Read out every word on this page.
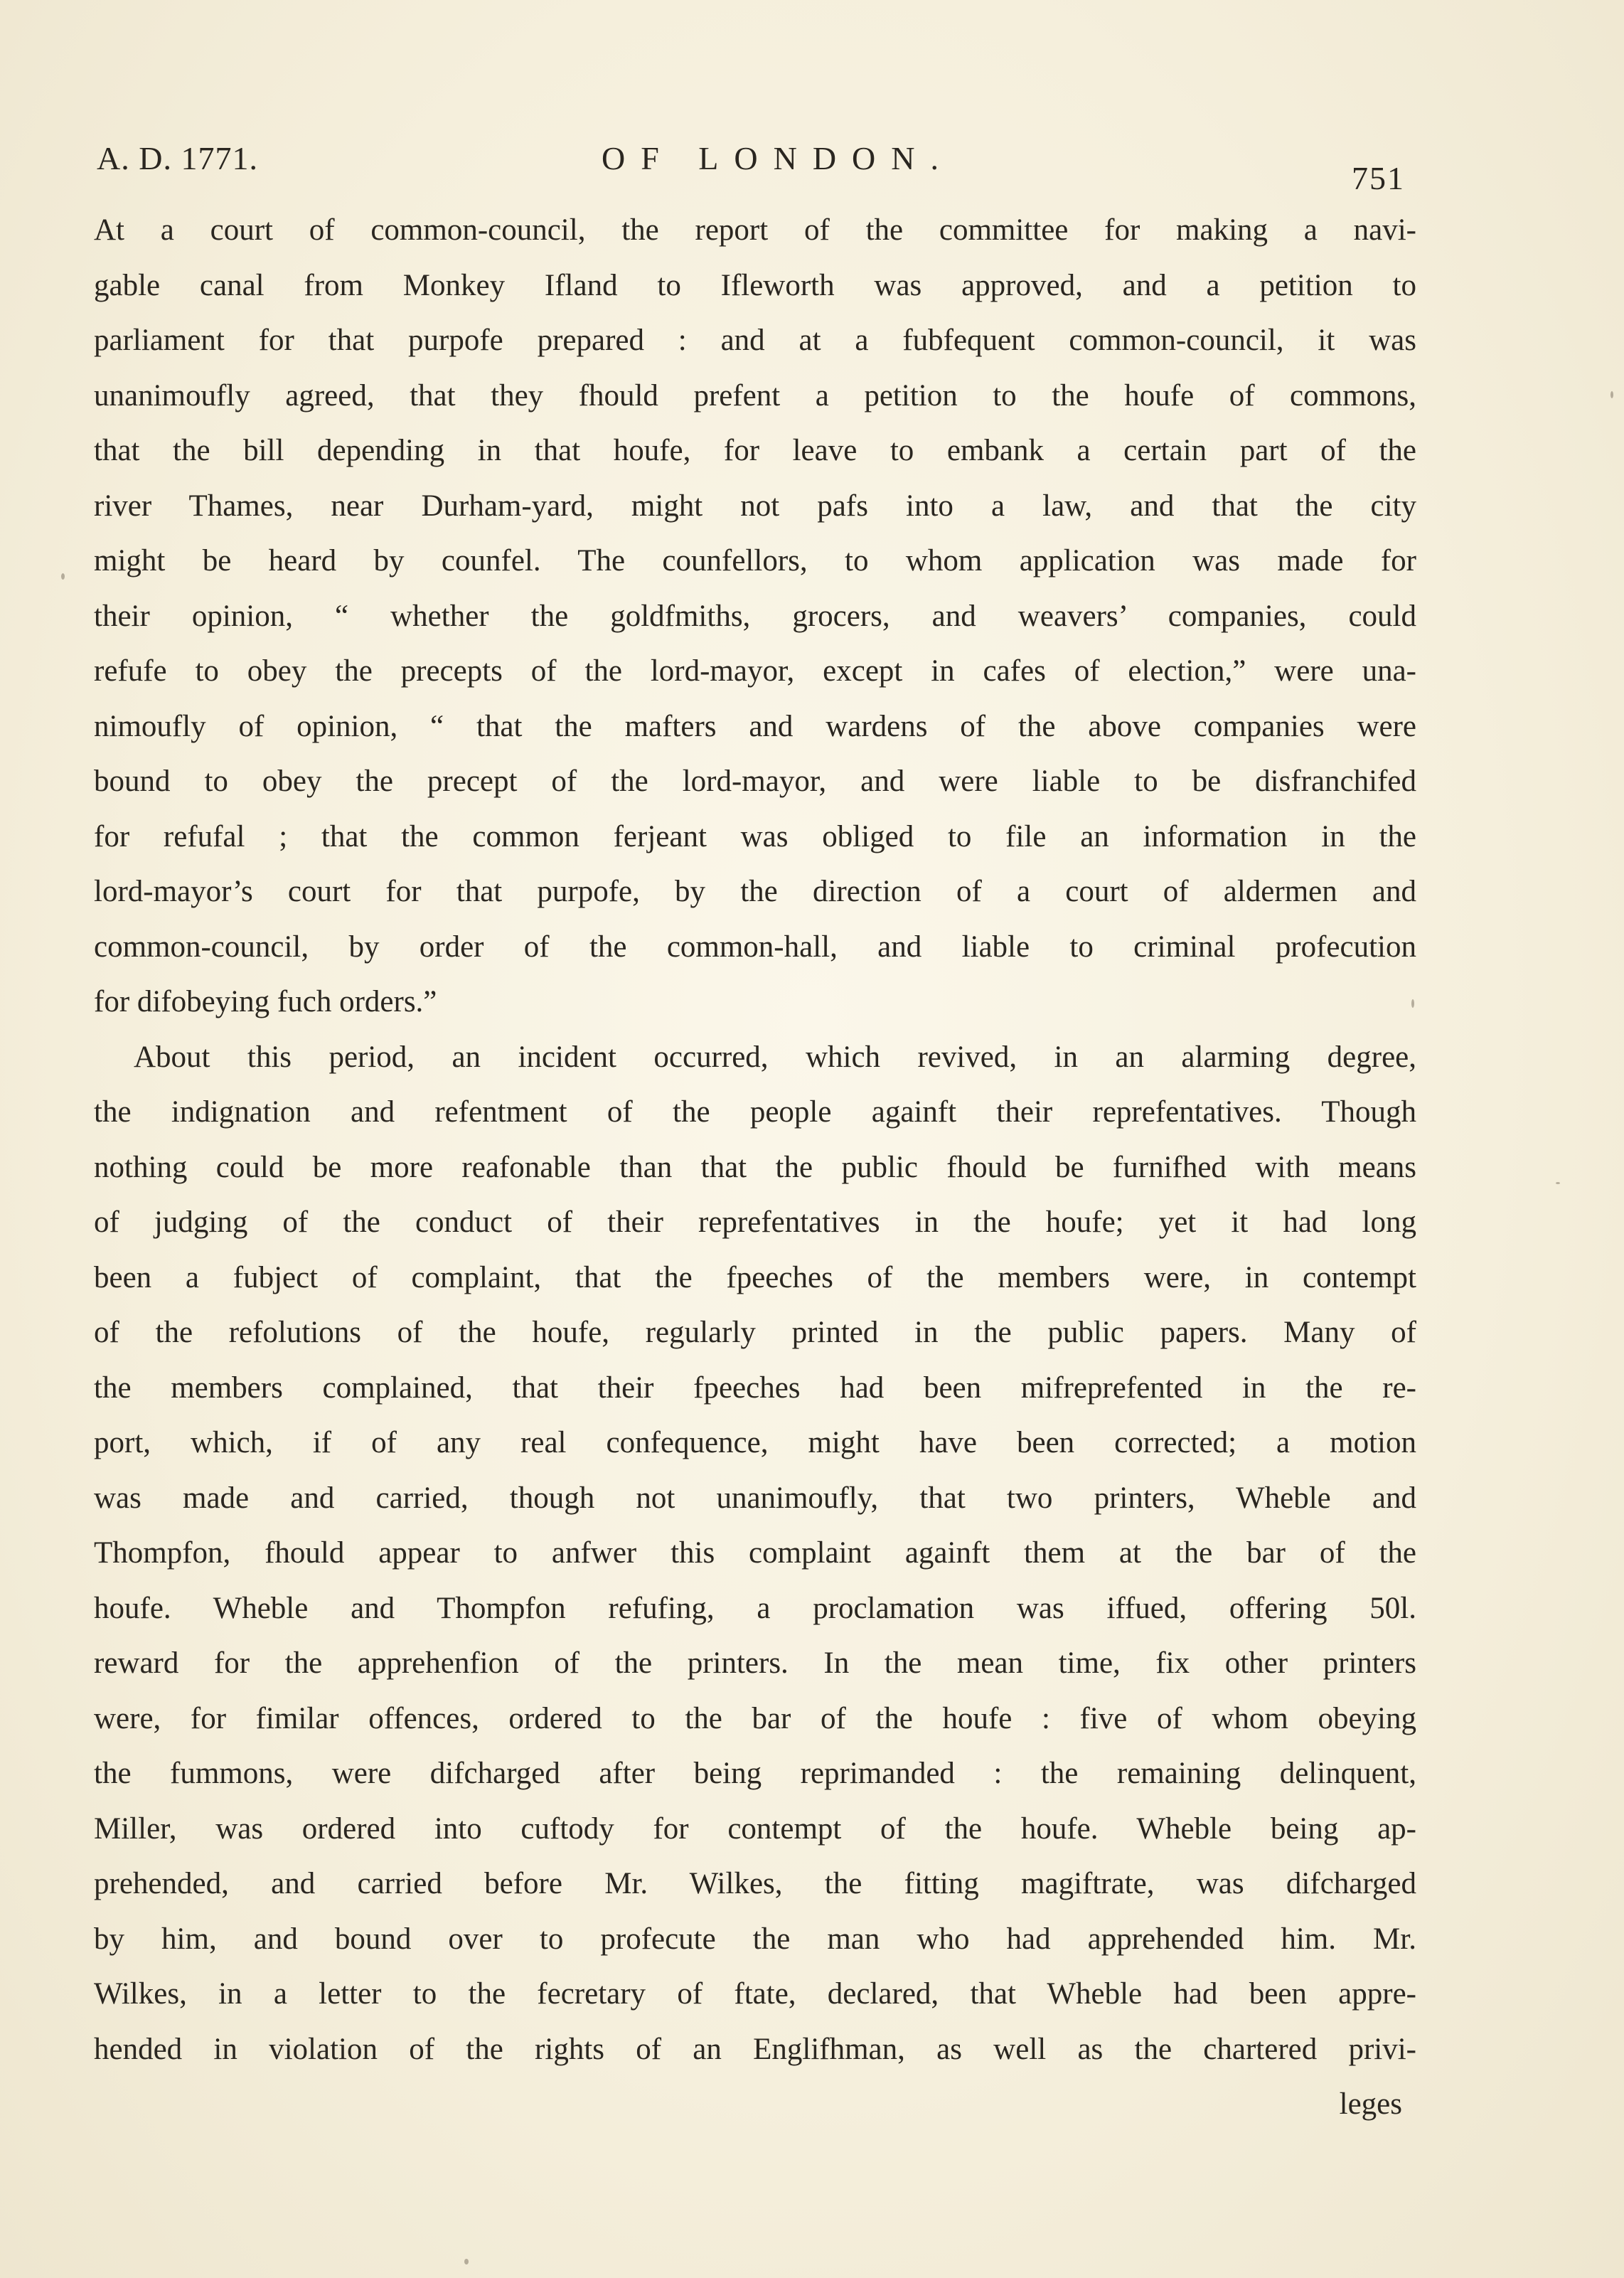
A. D. 1771.	OF LONDON.
751
At a court of common-council, the report of the committee for making a navi-
gable canal from Monkey Ifland to Ifleworth was approved, and a petition to
parliament for that purpofe prepared : and at a fubfequent common-council, it was
unanimoufly agreed, that they fhould prefent a petition to the houfe of commons,
that the bill depending in that houfe, for leave to embank a certain part of the
river Thames, near Durham-yard, might not pafs into a law, and that the city
might be heard by counfel. The counfellors, to whom application was made for
their opinion, “ whether the goldfmiths, grocers, and weavers’ companies, could
refufe to obey the precepts of the lord-mayor, except in cafes of election,” were una-
nimoufly of opinion, “ that the mafters and wardens of the above companies were
bound to obey the precept of the lord-mayor, and were liable to be disfranchifed
for refufal ; that the common ferjeant was obliged to file an information in the
lord-mayor’s court for that purpofe, by the direction of a court of aldermen and
common-council, by order of the common-hall, and liable to criminal profecution
for difobeying fuch orders.”
About this period, an incident occurred, which revived, in an alarming degree,
the indignation and refentment of the people againft their reprefentatives. Though
nothing could be more reafonable than that the public fhould be furnifhed with means
of judging of the conduct of their reprefentatives in the houfe; yet it had long
been a fubject of complaint, that the fpeeches of the members were, in contempt
of the refolutions of the houfe, regularly printed in the public papers. Many of
the members complained, that their fpeeches had been mifreprefented in the re-
port, which, if of any real confequence, might have been corrected; a motion
was made and carried, though not unanimoufly, that two printers, Wheble and
Thompfon, fhould appear to anfwer this complaint againft them at the bar of the
houfe. Wheble and Thompfon refufing, a proclamation was iffued, offering 50l.
reward for the apprehenfion of the printers. In the mean time, fix other printers
were, for fimilar offences, ordered to the bar of the houfe : five of whom obeying
the fummons, were difcharged after being reprimanded : the remaining delinquent,
Miller, was ordered into cuftody for contempt of the houfe. Wheble being ap-
prehended, and carried before Mr. Wilkes, the fitting magiftrate, was difcharged
by him, and bound over to profecute the man who had apprehended him. Mr.
Wilkes, in a letter to the fecretary of ftate, declared, that Wheble had been appre-
hended in violation of the rights of an Englifhman, as well as the chartered privi-
leges
